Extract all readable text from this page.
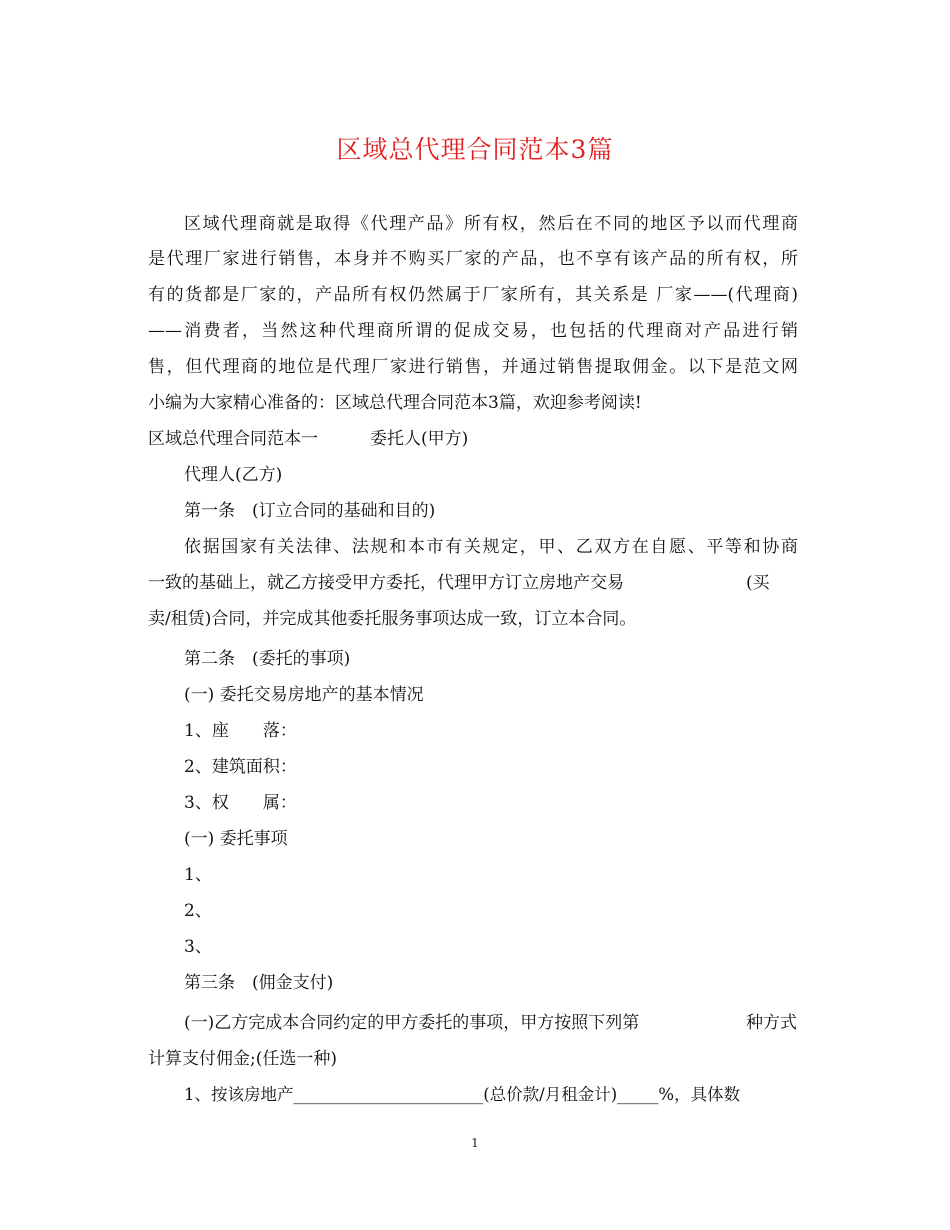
区域总代理合同范本3篇
区域代理商就是取得《代理产品》所有权，然后在不同的地区予以而代理商
是代理厂家进行销售，本身并不购买厂家的产品，也不享有该产品的所有权，所
有的货都是厂家的，产品所有权仍然属于厂家所有，其关系是 厂家——(代理商)
——消费者，当然这种代理商所谓的促成交易，也包括的代理商对产品进行销
售，但代理商的地位是代理厂家进行销售，并通过销售提取佣金。以下是范文网
小编为大家精心准备的：区域总代理合同范本3篇，欢迎参考阅读!
区域总代理合同范本一	委托人(甲方)
代理人(乙方)
第一条　(订立合同的基础和目的)
依据国家有关法律、法规和本市有关规定，甲、乙双方在自愿、平等和协商
一致的基础上，就乙方接受甲方委托，代理甲方订立房地产交易	(买
卖/租赁)合同，并完成其他委托服务事项达成一致，订立本合同。
第二条　(委托的事项)
(一) 委托交易房地产的基本情况
1、座　　落：
2、建筑面积：
3、权　　属：
(一) 委托事项
1、
2、
3、
第三条　(佣金支付)
(一)乙方完成本合同约定的甲方委托的事项，甲方按照下列第	种方式
计算支付佣金;(任选一种)
1、按该房地产_______________________(总价款/月租金计)_____%，具体数
1
